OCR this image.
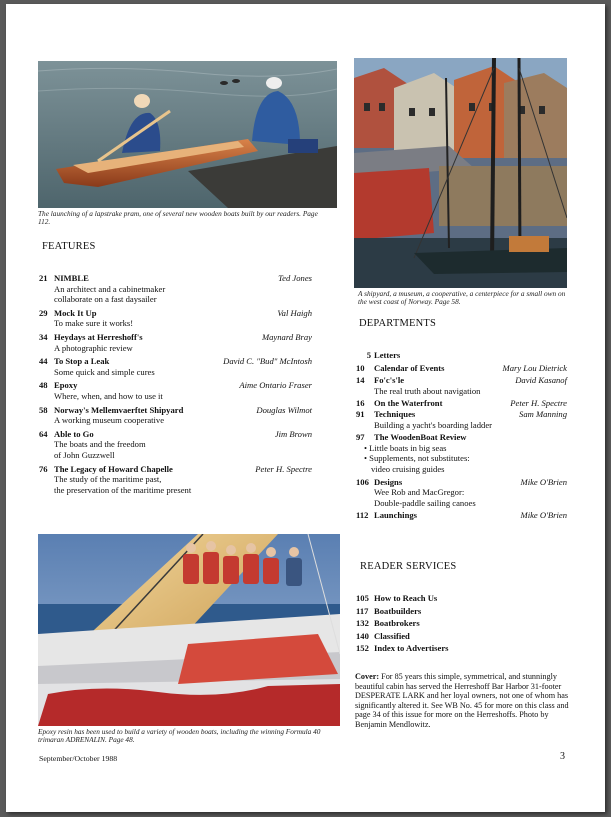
The launching of a lapstrake pram, one of several new wooden boats built by our readers. Page 112.
A shipyard, a museum, a cooperative, a centerpiece for a small own on the west coast of Norway. Page 58.
FEATURES
21 NIMBLE	Ted Jones
An architect and a cabinetmaker
collaborate on a fast daysailer
29 Mock It Up	Val Haigh
To make sure it works!
34 Heydays at Herreshoff's	Maynard Bray
A photographic review
44 To Stop a Leak	David C. "Bud" McIntosh
Some quick and simple cures
48 Epoxy	Aime Ontario Fraser
Where, when, and how to use it
58 Norway's Mellemvaerftet Shipyard	Douglas Wilmot
A working museum cooperative
64 Able to Go	Jim Brown
The boats and the freedom
of John Guzzwell
76 The Legacy of Howard Chapelle	Peter H. Spectre
The study of the maritime past,
the preservation of the maritime present
Epoxy resin has been used to build a variety of wooden boats, including the winning Formula 40 trimaran ADRENALIN. Page 48.
DEPARTMENTS
5 Letters
10 Calendar of Events	Mary Lou Dietrick
14 Fo'c's'le	David Kasanof
The real truth about navigation
16 On the Waterfront	Peter H. Spectre
91 Techniques	Sam Manning
Building a yacht's boarding ladder
97 The WoodenBoat Review
• Little boats in big seas
• Supplements, not substitutes:
video cruising guides
106 Designs	Mike O'Brien
Wee Rob and MacGregor:
Double-paddle sailing canoes
112 Launchings	Mike O'Brien
READER SERVICES
105 How to Reach Us
117 Boatbuilders
132 Boatbrokers
140 Classified
152 Index to Advertisers
Cover: For 85 years this simple, symmetrical, and stunningly beautiful cabin has served the Herreshoff Bar Harbor 31-footer DESPERATE LARK and her loyal owners, not one of whom has significantly altered it. See WB No. 45 for more on this class and page 34 of this issue for more on the Herreshoffs. Photo by Benjamin Mendlowitz.
September/October 1988	3
